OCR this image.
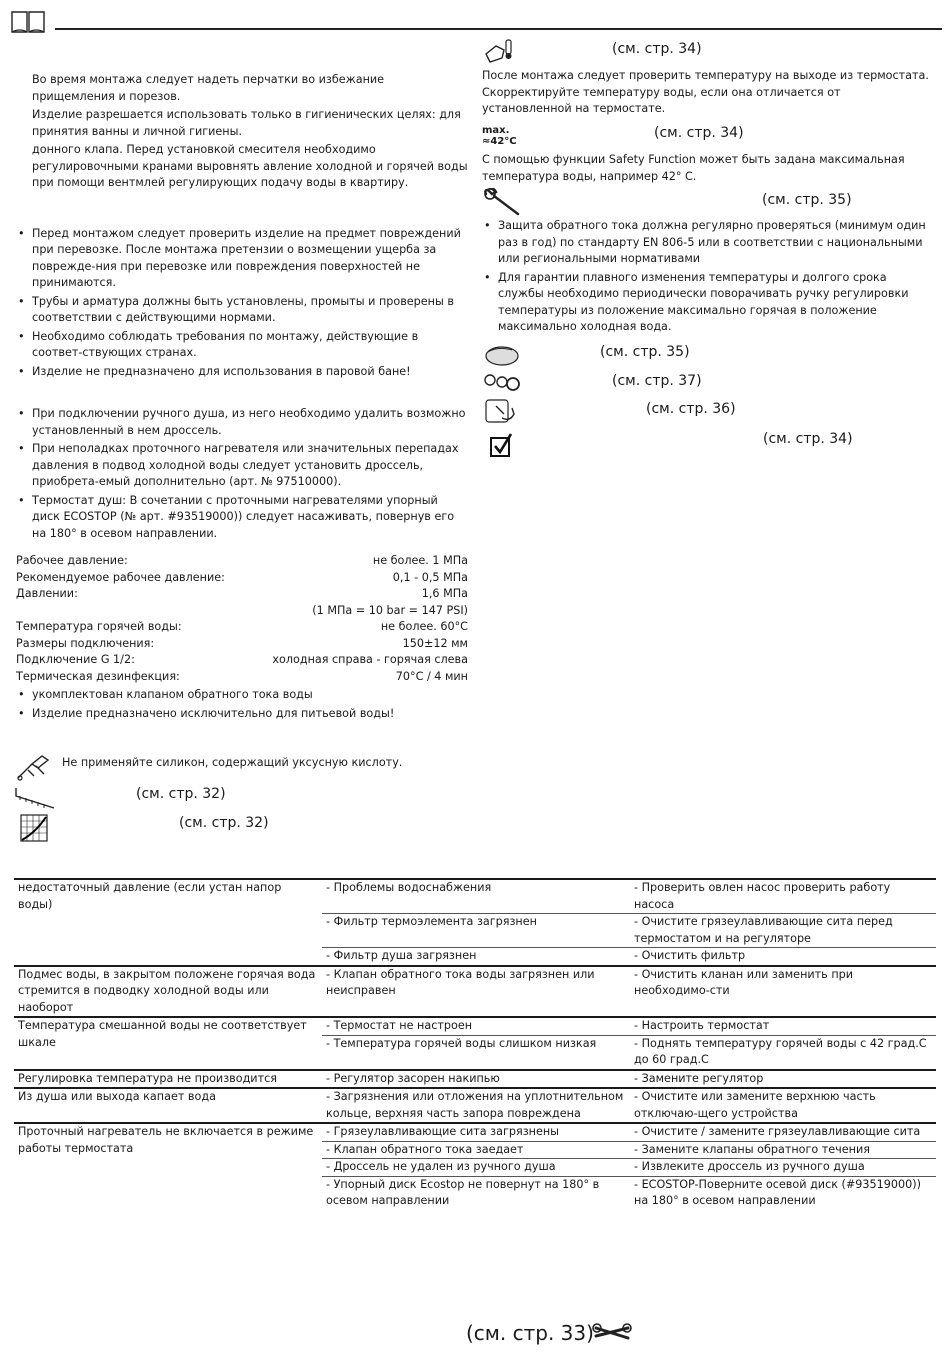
Во время монтажа следует надеть перчатки во избежание прищемления и порезов.

Изделие разрешается использовать только в гигиенических целях: для принятия ванны и личной гигиены.

донного клапа. Перед установкой смесителя необходимо регулировочными кранами выровнять авление холодной и горячей воды при помощи вентмлей регулирующих подачу воды в квартиру.

• Перед монтажом следует проверить изделие на предмет повреждений при перевозке. После монтажа претензии о возмещении ущерба за поврежде-ния при перевозке или повреждения поверхностей не принимаются.
• Трубы и арматура должны быть установлены, промыты и проверены в соответствии с действующими нормами.
• Необходимо соблюдать требования по монтажу, действующие в соответ-ствующих странах.
• Изделие не предназначено для использования в паровой бане!
• При подключении ручного душа, из него необходимо удалить возможно установленный в нем дроссель.
• При неполадках проточного нагревателя или значительных перепадах давления в подвод холодной воды следует установить дроссель, приобрета-емый дополнительно (арт. № 97510000).
• Термостат душ: В сочетании с проточными нагревателями упорный диск ECOSTOP (№ арт. #93519000)) следует насаживать, повернув его на 180° в осевом направлении.
Рабочее давление:	не более. 1 МПа
Рекомендуемое рабочее давление:	0,1 - 0,5 МПа
Давлении:	1,6 МПа
(1 МПа = 10 bar = 147 PSI)
Температура горячей воды:	не более. 60°C
Размеры подключения:	150±12 мм
Подключение G 1/2:	холодная справа - горячая слева
Термическая дезинфекция:	70°C / 4 мин
• укомплектован клапаном обратного тока воды
• Изделие предназначено исключительно для питьевой воды!
Не применяйте силикон, содержащий уксусную кислоту.
(см. стр. 32)
(см. стр. 32)
(см. стр. 34)
После монтажа следует проверить температуру на выходе из термостата. Скорректируйте температуру воды, если она отличается от установленной на термостате.
max.
≈42°C
(см. стр. 34)
С помощью функции Safety Function может быть задана максимальная температура воды, например 42° С.
(см. стр. 35)
• Защита обратного тока должна регулярно проверяться (минимум один раз в год) по стандарту EN 806-5 или в соответствии с национальными или региональными нормативами
• Для гарантии плавного изменения температуры и долгого срока службы необходимо периодически поворачивать ручку регулировки температуры из положение максимально горячая в положение максимально холодная вода.
(см. стр. 35)
(см. стр. 37)
(см. стр. 36)
(см. стр. 34)
недостаточный давление (если устан напор воды)	- Проблемы водоснабжения	- Проверить овлен насос проверить работу насоса
	- Фильтр термоэлемента загрязнен	- Очистите грязеулавливающие сита перед термостатом и на регуляторе
	- Фильтр душа загрязнен	- Очистить фильтр
Подмес воды, в закрытом положене горячая вода стремится в подводку холодной воды или наоборот	- Клапан обратного тока воды загрязнен или неисправен	- Очистить кланан или заменить при необходимо-сти
Температура смешанной воды не соответствует шкале	- Термостат не настроен	- Настроить термостат
	- Температура горячей воды слишком низкая	- Поднять температуру горячей воды с 42 град.С до 60 град.С
Регулировка температура не производится	- Регулятор засорен накипью	- Замените регулятор
Из душа или выхода капает вода	- Загрязнения или отложения на уплотнительном кольце, верхняя часть запора повреждена	- Очистите или замените верхнюю часть отключаю-щего устройства
Проточный нагреватель не включается в режиме работы термостата	- Грязеулавливающие сита загрязнены	- Очистите / замените грязеулавливающие сита
	- Клапан обратного тока заедает	- Замените клапаны обратного течения
	- Дроссель не удален из ручного душа	- Извлеките дроссель из ручного душа
	- Упорный диск Ecostop не повернут на 180° в осевом направлении	- ECOSTOP-Поверните осевой диск (#93519000)) на 180° в осевом направлении
(см. стр. 33)
